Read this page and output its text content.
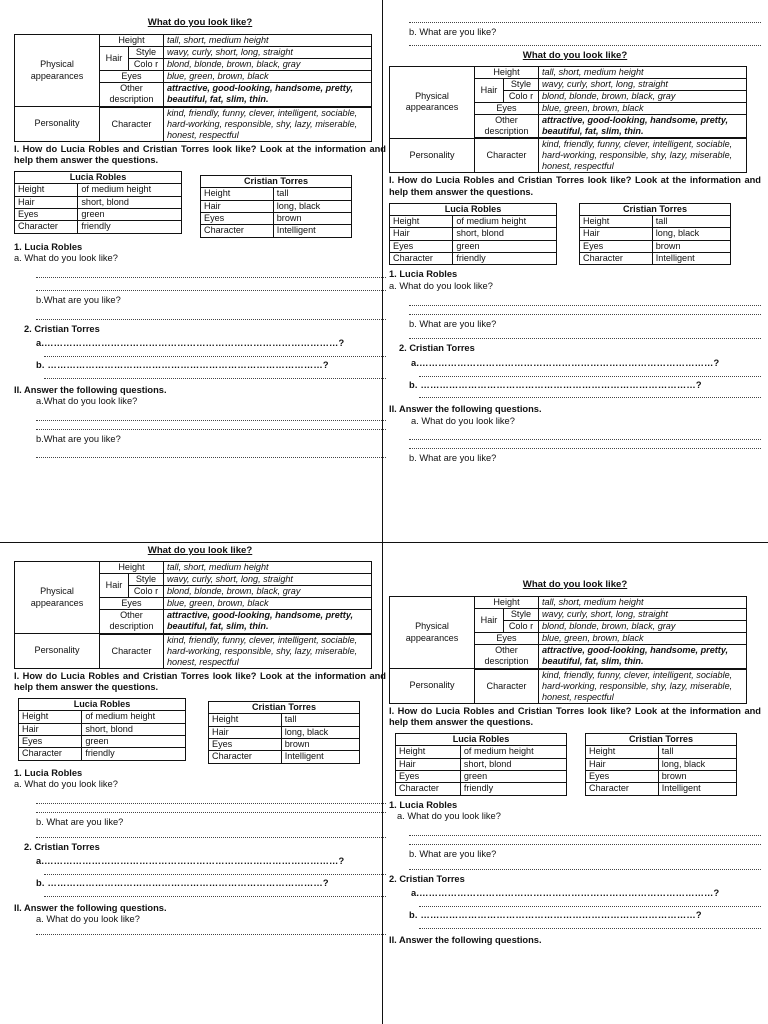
What do you look like?
Physical appearances	Height		tall, short, medium height
	Hair	Style	wavy, curly, short, long, straight
		Colo r	blond, blonde, brown, black, gray
	Eyes		blue, green, brown, black
	Other description		attractive, good-looking, handsome, pretty, beautiful, fat, slim, thin.
Personality	Character		kind, friendly, funny, clever, intelligent, sociable, hard-working, responsible, shy, lazy, miserable, honest, respectful

I. How do Lucia Robles and Cristian Torres look like? Look at the information and help them answer the questions.

Lucia Robles	
Height	of medium height
Hair	short, blond
Eyes	green
Character	friendly
Cristian Torres	
Height	tall
Hair	long, black
Eyes	brown
Character	Intelligent

1. Lucia Robles

a. What do you look like?

b.What are you like?

2. Cristian Torres

a.…………………………………………………………………………………?

b. ……………………………………………………………………………?

II. Answer the following questions.

a.What do you look like?

b.What are you like?

b. What are you like?

What do you look like?
Physical appearances	Height		tall, short, medium height
	Hair	Style	wavy, curly, short, long, straight
		Colo r	blond, blonde, brown, black, gray
	Eyes		blue, green, brown, black
	Other description		attractive, good-looking, handsome, pretty, beautiful, fat, slim, thin.
Personality	Character		kind, friendly, funny, clever, intelligent, sociable, hard-working, responsible, shy, lazy, miserable, honest, respectful

I. How do Lucia Robles and Cristian Torres look like? Look at the information and help them answer the questions.

Lucia Robles	
Height	of medium height
Hair	short, blond
Eyes	green
Character	friendly
Cristian Torres	
Height	tall
Hair	long, black
Eyes	brown
Character	Intelligent

1. Lucia Robles

a. What do you look like?

b. What are you like?

2. Cristian Torres

a.…………………………………………………………………………………?

b. ……………………………………………………………………………?

II. Answer the following questions.

a. What do you look like?

b. What are you like?

What do you look like?
Physical appearances	Height		tall, short, medium height
	Hair	Style	wavy, curly, short, long, straight
		Colo r	blond, blonde, brown, black, gray
	Eyes		blue, green, brown, black
	Other description		attractive, good-looking, handsome, pretty, beautiful, fat, slim, thin.
Personality	Character		kind, friendly, funny, clever, intelligent, sociable, hard-working, responsible, shy, lazy, miserable, honest, respectful

I. How do Lucia Robles and Cristian Torres look like? Look at the information and help them answer the questions.

Lucia Robles	
Height	of medium height
Hair	short, blond
Eyes	green
Character	friendly
Cristian Torres	
Height	tall
Hair	long, black
Eyes	brown
Character	Intelligent

1. Lucia Robles

a. What do you look like?

b. What are you like?

2. Cristian Torres

a.…………………………………………………………………………………?

b. ……………………………………………………………………………?

II. Answer the following questions.

a. What do you look like?

What do you look like?
Physical appearances	Height		tall, short, medium height
	Hair	Style	wavy, curly, short, long, straight
		Colo r	blond, blonde, brown, black, gray
	Eyes		blue, green, brown, black
	Other description		attractive, good-looking, handsome, pretty, beautiful, fat, slim, thin.
Personality	Character		kind, friendly, funny, clever, intelligent, sociable, hard-working, responsible, shy, lazy, miserable, honest, respectful

I. How do Lucia Robles and Cristian Torres look like? Look at the information and help them answer the questions.

Lucia Robles	
Height	of medium height
Hair	short, blond
Eyes	green
Character	friendly
Cristian Torres	
Height	tall
Hair	long, black
Eyes	brown
Character	Intelligent

1. Lucia Robles

a. What do you look like?

b. What are you like?

2. Cristian Torres

a.…………………………………………………………………………………?

b. ……………………………………………………………………………?

II. Answer the following questions.
